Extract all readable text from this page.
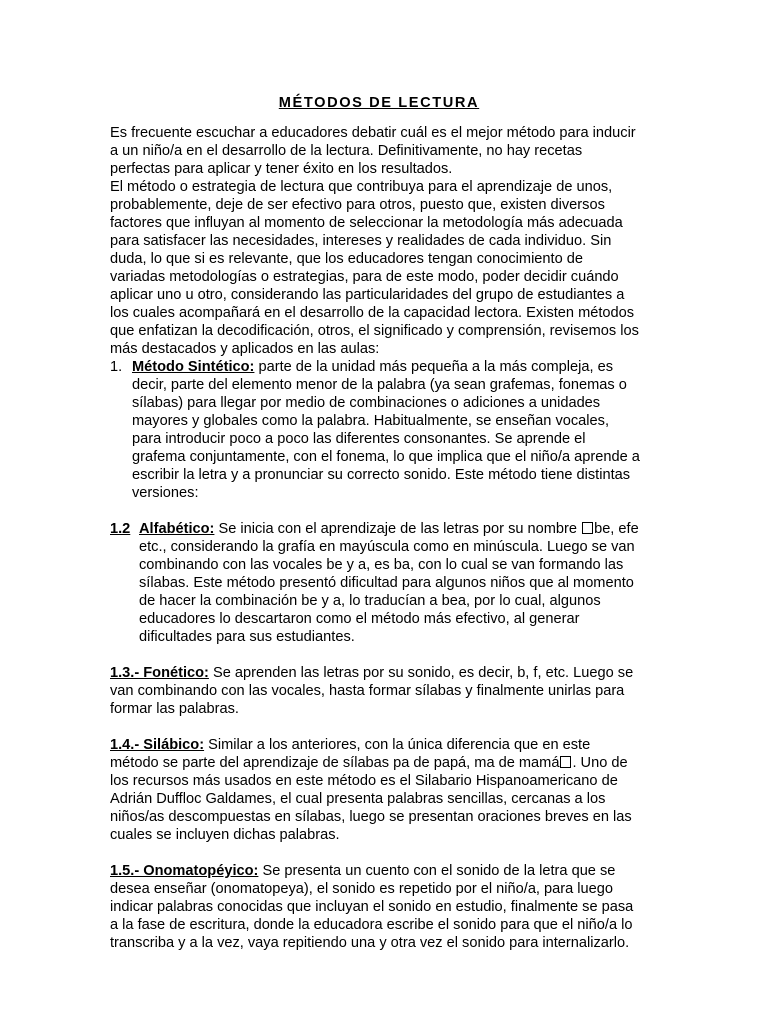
MÉTODOS DE LECTURA

Es frecuente escuchar a educadores debatir cuál es el mejor método para inducir a un niño/a en el desarrollo de la lectura. Definitivamente, no hay recetas perfectas para aplicar y tener éxito en los resultados.

El método o estrategia de lectura que contribuya para el aprendizaje de unos, probablemente, deje de ser efectivo para otros, puesto que, existen diversos factores que influyan al momento de seleccionar la metodología más adecuada para satisfacer las necesidades, intereses y realidades de cada individuo. Sin duda, lo que si es relevante, que los educadores tengan conocimiento de variadas metodologías o estrategias, para de este modo, poder decidir cuándo aplicar uno u otro, considerando las particularidades del grupo de estudiantes a los cuales acompañará en el desarrollo de la capacidad lectora. Existen métodos que enfatizan la decodificación, otros, el significado y comprensión, revisemos los más destacados y aplicados en las aulas:

1. Método Sintético: parte de la unidad más pequeña a la más compleja, es decir, parte del elemento menor de la palabra (ya sean grafemas, fonemas o sílabas) para llegar por medio de combinaciones o adiciones a unidades mayores y globales como la palabra. Habitualmente, se enseñan vocales, para introducir poco a poco las diferentes consonantes. Se aprende el grafema conjuntamente, con el fonema, lo que implica que el niño/a aprende a escribir la letra y a pronunciar su correcto sonido. Este método tiene distintas versiones:
1.2 Alfabético: Se inicia con el aprendizaje de las letras por su nombre be, efe etc., considerando la grafía en mayúscula como en minúscula. Luego se van combinando con las vocales be y a, es ba, con lo cual se van formando las sílabas. Este método presentó dificultad para algunos niños que al momento de hacer la combinación be y a, lo traducían a bea, por lo cual, algunos educadores lo descartaron como el método más efectivo, al generar dificultades para sus estudiantes.

1.3.- Fonético: Se aprenden las letras por su sonido, es decir, b, f, etc. Luego se van combinando con las vocales, hasta formar sílabas y finalmente unirlas para formar las palabras.

1.4.- Silábico: Similar a los anteriores, con la única diferencia que en este método se parte del aprendizaje de sílabas pa de papá, ma de mamá . Uno de los recursos más usados en este método es el Silabario Hispanoamericano de Adrián Duffloc Galdames, el cual presenta palabras sencillas, cercanas a los niños/as descompuestas en sílabas, luego se presentan oraciones breves en las cuales se incluyen dichas palabras.

1.5.- Onomatopéyico: Se presenta un cuento con el sonido de la letra que se desea enseñar (onomatopeya), el sonido es repetido por el niño/a, para luego indicar palabras conocidas que incluyan el sonido en estudio, finalmente se pasa a la fase de escritura, donde la educadora escribe el sonido para que el niño/a lo transcriba y a la vez, vaya repitiendo una y otra vez el sonido para internalizarlo.
